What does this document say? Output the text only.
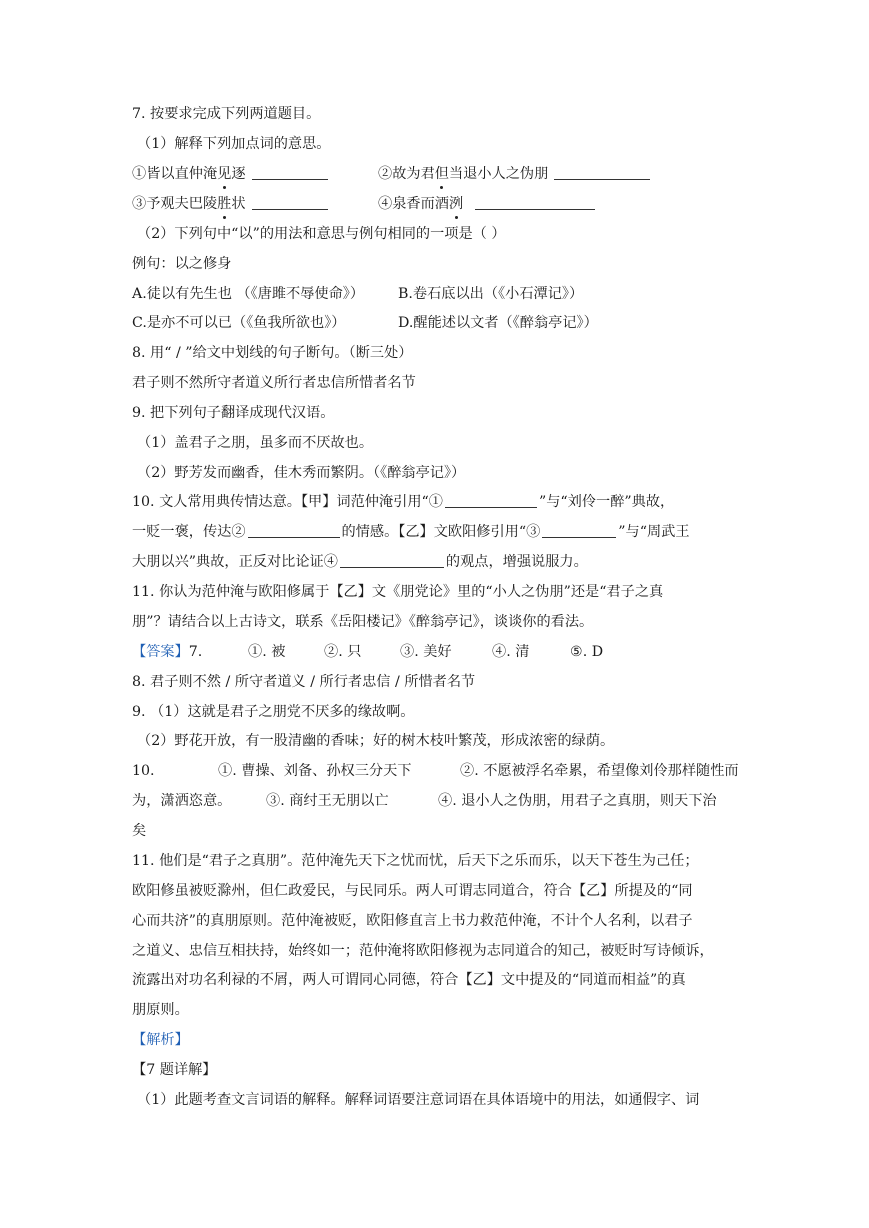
7. 按要求完成下列两道题目。
（1）解释下列加点词的意思。
①皆以直仲淹见逐	②故为君但当退小人之伪朋
③予观夫巴陵胜状	④泉香而酒洌
（2）下列句中“以”的用法和意思与例句相同的一项是（ ）
例句：以之修身
A.徒以有先生也 （《唐雎不辱使命》） B.卷石底以出（《小石潭记》）
C.是亦不可以已（《鱼我所欲也》）	D.醒能述以文者（《醉翁亭记》）
8. 用“ / ”给文中划线的句子断句。（断三处）
君子则不然所守者道义所行者忠信所惜者名节
9. 把下列句子翻译成现代汉语。
（1）盖君子之朋，虽多而不厌故也。
（2）野芳发而幽香，佳木秀而繁阴。（《醉翁亭记》）
10. 文人常用典传情达意。【甲】词范仲淹引用“①	”与“刘伶一醉”典故，
一贬一褒，传达②	的情感。【乙】文欧阳修引用“③	”与“周武王
大朋以兴”典故，正反对比论证④	的观点，增强说服力。
11. 你认为范仲淹与欧阳修属于【乙】文《朋党论》里的“小人之伪朋”还是“君子之真
朋”？请结合以上古诗文，联系《岳阳楼记》《醉翁亭记》，谈谈你的看法。
【答案】7.	①. 被	②. 只	③. 美好	④. 清	⑤. D
8. 君子则不然 / 所守者道义 / 所行者忠信 / 所惜者名节
9. （1）这就是君子之朋党不厌多的缘故啊。
（2）野花开放，有一股清幽的香味；好的树木枝叶繁茂，形成浓密的绿荫。
10.	①. 曹操、刘备、孙权三分天下	②. 不愿被浮名牵累，希望像刘伶那样随性而
为，潇洒恣意。 ③. 商纣王无朋以亡	④. 退小人之伪朋，用君子之真朋，则天下治
矣
11. 他们是“君子之真朋”。范仲淹先天下之忧而忧，后天下之乐而乐，以天下苍生为己任；
欧阳修虽被贬滁州，但仁政爱民，与民同乐。两人可谓志同道合，符合【乙】所提及的“同
心而共济”的真朋原则。范仲淹被贬，欧阳修直言上书力救范仲淹，不计个人名利，以君子
之道义、忠信互相扶持，始终如一；范仲淹将欧阳修视为志同道合的知己，被贬时写诗倾诉，
流露出对功名利禄的不屑，两人可谓同心同德，符合【乙】文中提及的“同道而相益”的真
朋原则。
【解析】
【7 题详解】
（1）此题考查文言词语的解释。解释词语要注意词语在具体语境中的用法，如通假字、词
